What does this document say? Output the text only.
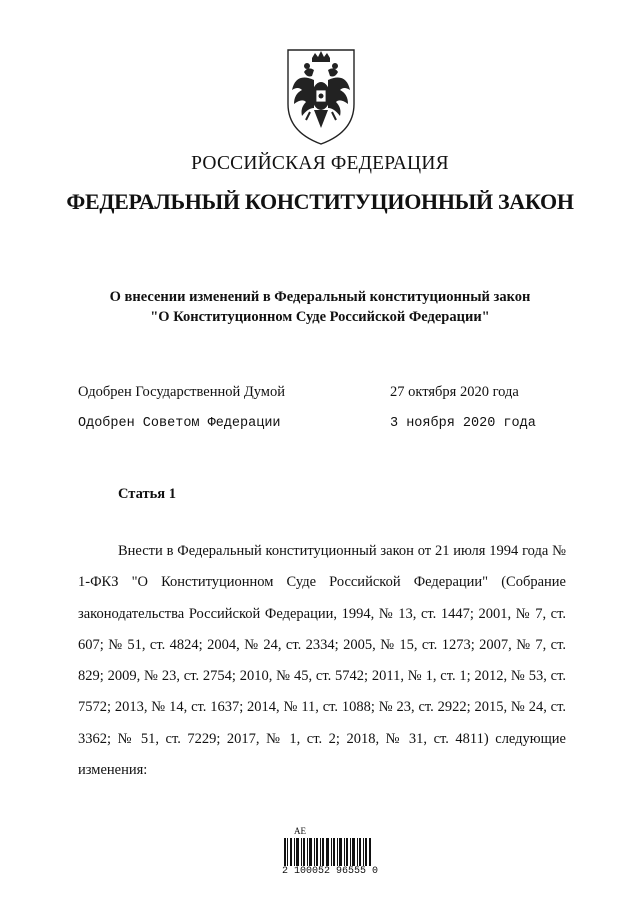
РОССИЙСКАЯ ФЕДЕРАЦИЯ
ФЕДЕРАЛЬНЫЙ КОНСТИТУЦИОННЫЙ ЗАКОН
О внесении изменений в Федеральный конституционный закон
"О Конституционном Суде Российской Федерации"
Одобрен Государственной Думой	27 октября 2020 года
Одобрен Советом Федерации	3 ноября 2020 года
Статья 1

Внести в Федеральный конституционный закон от 21 июля 1994 года № 1-ФКЗ "О Конституционном Суде Российской Федерации" (Собрание законодательства Российской Федерации, 1994, № 13, ст. 1447; 2001, № 7, ст. 607; № 51, ст. 4824; 2004, № 24, ст. 2334; 2005, № 15, ст. 1273; 2007, № 7, ст. 829; 2009, № 23, ст. 2754; 2010, № 45, ст. 5742; 2011, № 1, ст. 1; 2012, № 53, ст. 7572; 2013, № 14, ст. 1637; 2014, № 11, ст. 1088; № 23, ст. 2922; 2015, № 24, ст. 3362; № 51, ст. 7229; 2017, № 1, ст. 2; 2018, № 31, ст. 4811) следующие изменения:

АЕ
2 100052 96555 0
